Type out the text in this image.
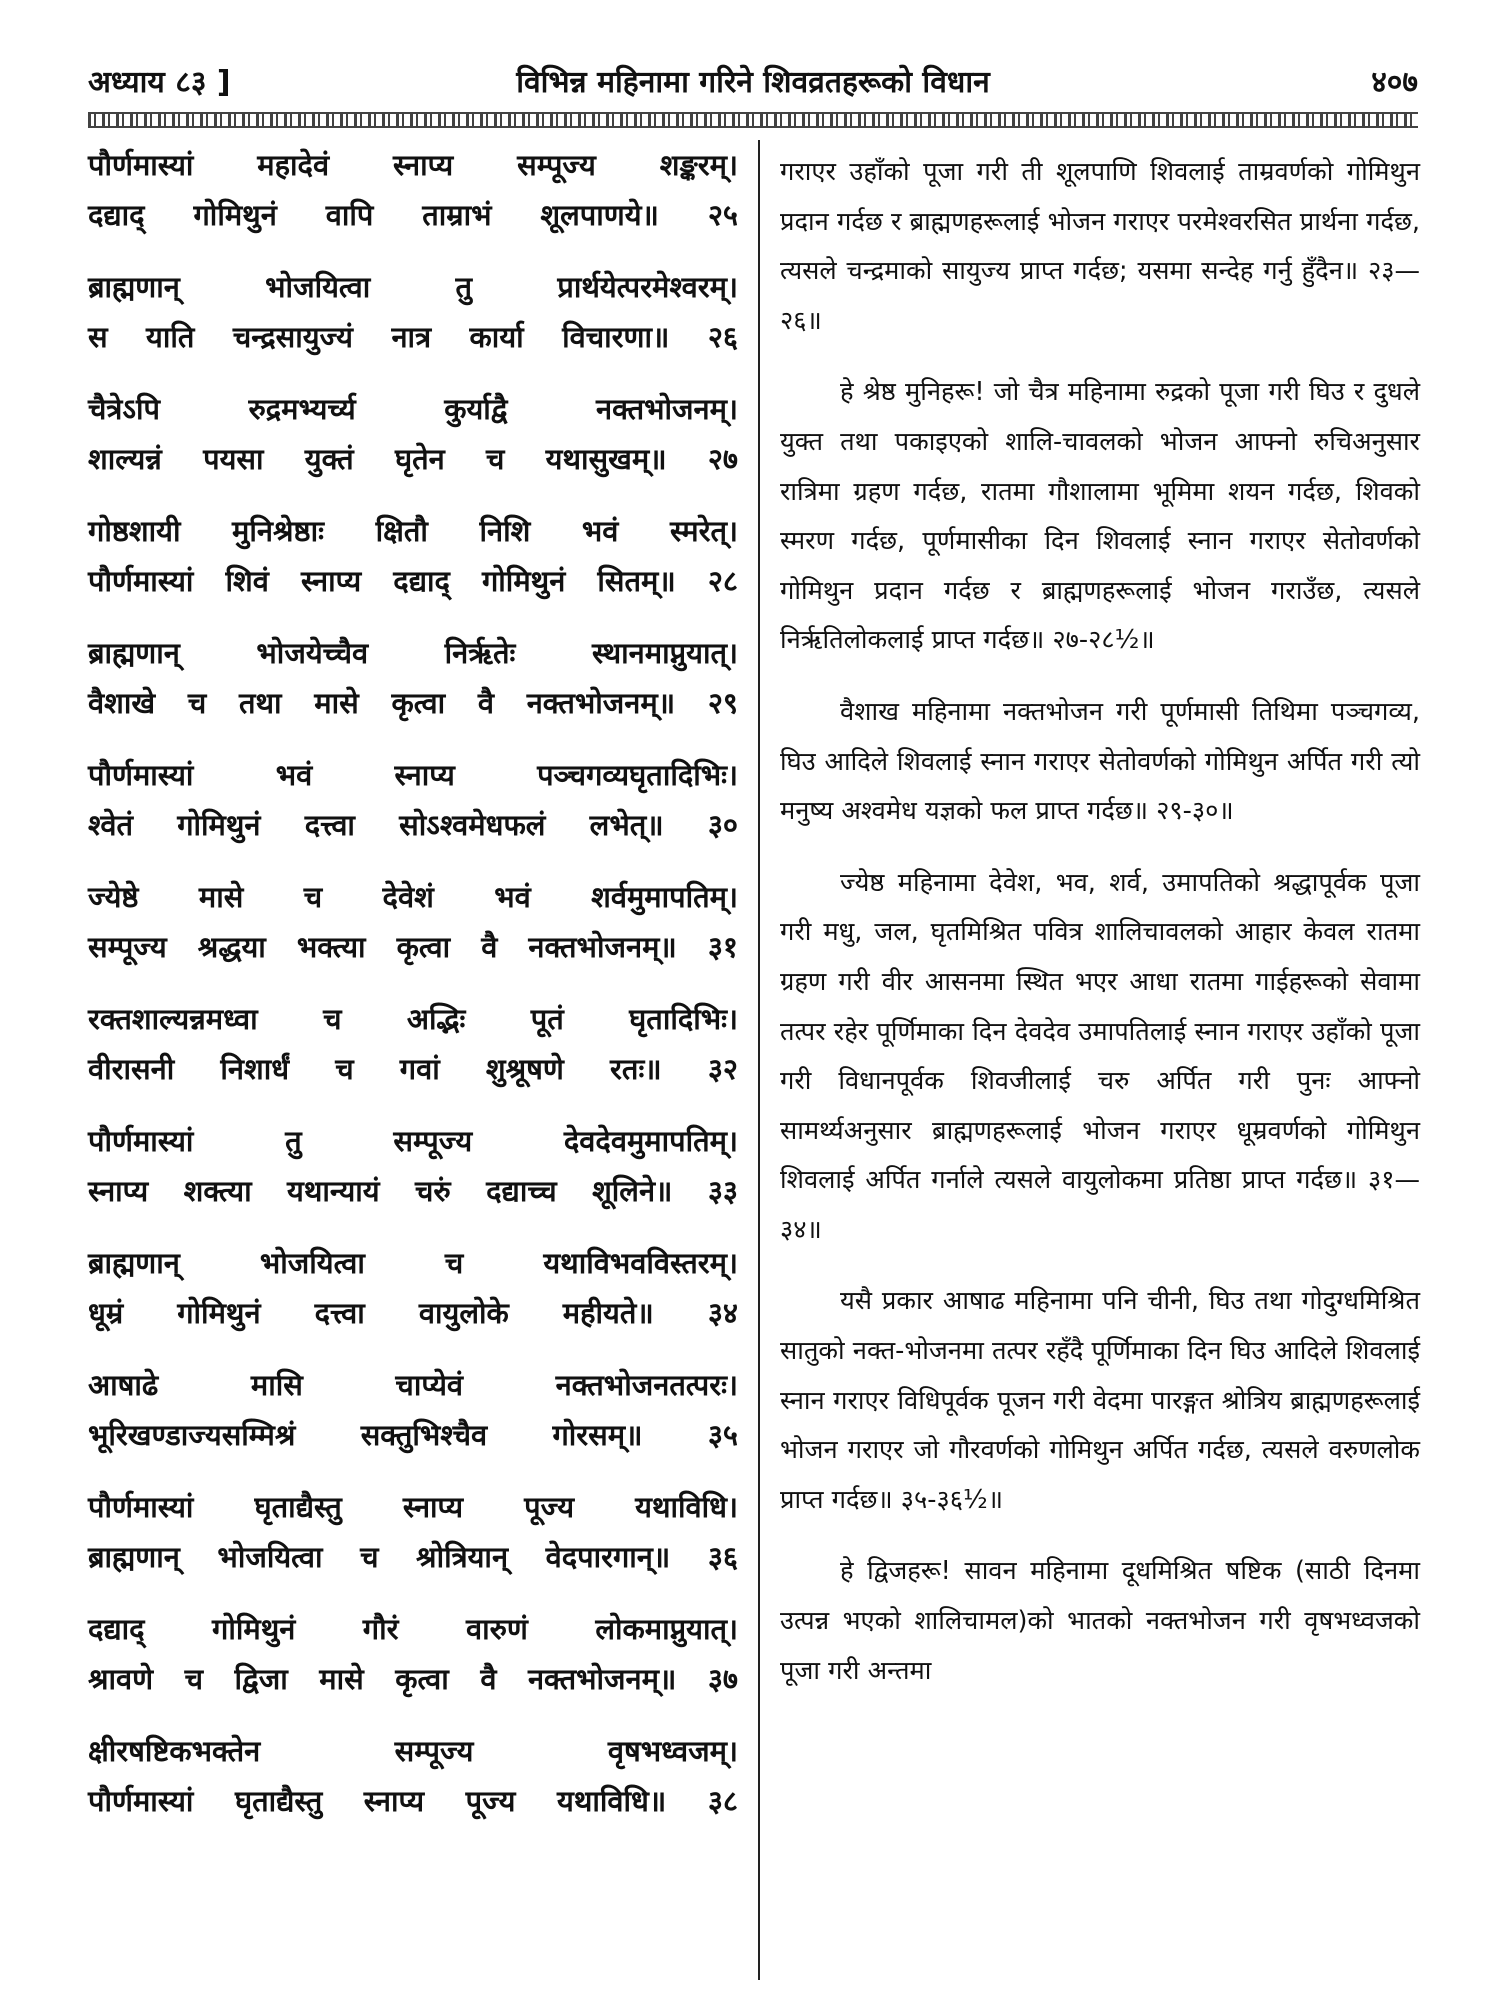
अध्याय ८३ ]	विभिन्न महिनामा गरिने शिवव्रतहरूको विधान	४०७
पौर्णमास्यां महादेवं स्नाप्य सम्पूज्य शङ्करम्।
दद्याद् गोमिथुनं वापि ताम्राभं शूलपाणये॥ २५
ब्राह्मणान् भोजयित्वा तु प्रार्थयेत्परमेश्वरम्।
स याति चन्द्रसायुज्यं नात्र कार्या विचारणा॥ २६
चैत्रेऽपि रुद्रमभ्यर्च्य कुर्याद्वै नक्तभोजनम्।
शाल्यन्नं पयसा युक्तं घृतेन च यथासुखम्॥ २७
गोष्ठशायी मुनिश्रेष्ठाः क्षितौ निशि भवं स्मरेत्।
पौर्णमास्यां शिवं स्नाप्य दद्याद् गोमिथुनं सितम्॥ २८
ब्राह्मणान् भोजयेच्चैव निर्ऋतेः स्थानमाप्नुयात्।
वैशाखे च तथा मासे कृत्वा वै नक्तभोजनम्॥ २९
पौर्णमास्यां भवं स्नाप्य पञ्चगव्यघृतादिभिः।
श्वेतं गोमिथुनं दत्त्वा सोऽश्वमेधफलं लभेत्॥ ३०
ज्येष्ठे मासे च देवेशं भवं शर्वमुमापतिम्।
सम्पूज्य श्रद्धया भक्त्या कृत्वा वै नक्तभोजनम्॥ ३१
रक्तशाल्यन्नमध्वा च अद्भिः पूतं घृतादिभिः।
वीरासनी निशार्धं च गवां शुश्रूषणे रतः॥ ३२
पौर्णमास्यां तु सम्पूज्य देवदेवमुमापतिम्।
स्नाप्य शक्त्या यथान्यायं चरुं दद्याच्च शूलिने॥ ३३
ब्राह्मणान् भोजयित्वा च यथाविभवविस्तरम्।
धूम्रं गोमिथुनं दत्त्वा वायुलोके महीयते॥ ३४
आषाढे मासि चाप्येवं नक्तभोजनतत्परः।
भूरिखण्डाज्यसम्मिश्रं सक्तुभिश्चैव गोरसम्॥ ३५
पौर्णमास्यां घृताद्यैस्तु स्नाप्य पूज्य यथाविधि।
ब्राह्मणान् भोजयित्वा च श्रोत्रियान् वेदपारगान्॥ ३६
दद्याद् गोमिथुनं गौरं वारुणं लोकमाप्नुयात्।
श्रावणे च द्विजा मासे कृत्वा वै नक्तभोजनम्॥ ३७
क्षीरषष्टिकभक्तेन सम्पूज्य वृषभध्वजम्।
पौर्णमास्यां घृताद्यैस्तु स्नाप्य पूज्य यथाविधि॥ ३८

गराएर उहाँको पूजा गरी ती शूलपाणि शिवलाई ताम्रवर्णको गोमिथुन प्रदान गर्दछ र ब्राह्मणहरूलाई भोजन गराएर परमेश्वरसित प्रार्थना गर्दछ, त्यसले चन्द्रमाको सायुज्य प्राप्त गर्दछ; यसमा सन्देह गर्नु हुँदैन॥ २३—२६॥

हे श्रेष्ठ मुनिहरू! जो चैत्र महिनामा रुद्रको पूजा गरी घिउ र दुधले युक्त तथा पकाइएको शालि-चावलको भोजन आफ्नो रुचिअनुसार रात्रिमा ग्रहण गर्दछ, रातमा गौशालामा भूमिमा शयन गर्दछ, शिवको स्मरण गर्दछ, पूर्णमासीका दिन शिवलाई स्नान गराएर सेतोवर्णको गोमिथुन प्रदान गर्दछ र ब्राह्मणहरूलाई भोजन गराउँछ, त्यसले निर्ऋतिलोकलाई प्राप्त गर्दछ॥ २७-२८½॥

वैशाख महिनामा नक्तभोजन गरी पूर्णमासी तिथिमा पञ्चगव्य, घिउ आदिले शिवलाई स्नान गराएर सेतोवर्णको गोमिथुन अर्पित गरी त्यो मनुष्य अश्वमेध यज्ञको फल प्राप्त गर्दछ॥ २९-३०॥

ज्येष्ठ महिनामा देवेश, भव, शर्व, उमापतिको श्रद्धापूर्वक पूजा गरी मधु, जल, घृतमिश्रित पवित्र शालिचावलको आहार केवल रातमा ग्रहण गरी वीर आसनमा स्थित भएर आधा रातमा गाईहरूको सेवामा तत्पर रहेर पूर्णिमाका दिन देवदेव उमापतिलाई स्नान गराएर उहाँको पूजा गरी विधानपूर्वक शिवजीलाई चरु अर्पित गरी पुनः आफ्नो सामर्थ्यअनुसार ब्राह्मणहरूलाई भोजन गराएर धूम्रवर्णको गोमिथुन शिवलाई अर्पित गर्नाले त्यसले वायुलोकमा प्रतिष्ठा प्राप्त गर्दछ॥ ३१—३४॥

यसै प्रकार आषाढ महिनामा पनि चीनी, घिउ तथा गोदुग्धमिश्रित सातुको नक्त-भोजनमा तत्पर रहँदै पूर्णिमाका दिन घिउ आदिले शिवलाई स्नान गराएर विधिपूर्वक पूजन गरी वेदमा पारङ्गत श्रोत्रिय ब्राह्मणहरूलाई भोजन गराएर जो गौरवर्णको गोमिथुन अर्पित गर्दछ, त्यसले वरुणलोक प्राप्त गर्दछ॥ ३५-३६½॥

हे द्विजहरू! सावन महिनामा दूधमिश्रित षष्टिक (साठी दिनमा उत्पन्न भएको शालिचामल)को भातको नक्तभोजन गरी वृषभध्वजको पूजा गरी अन्तमा
